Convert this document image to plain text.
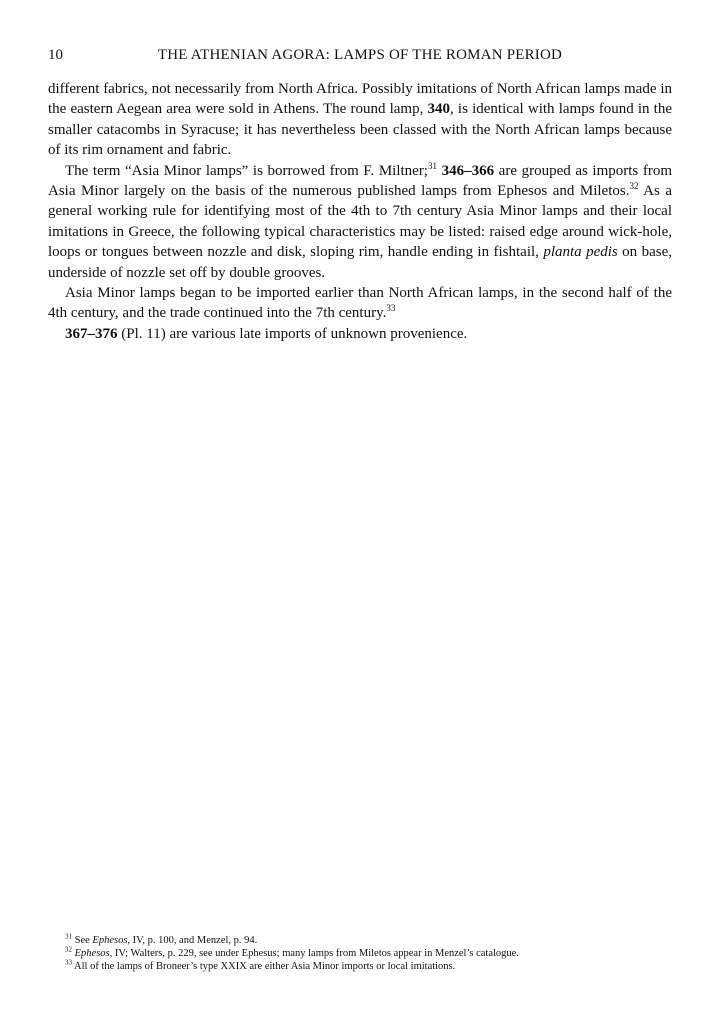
10	THE ATHENIAN AGORA: LAMPS OF THE ROMAN PERIOD

different fabrics, not necessarily from North Africa. Possibly imitations of North African lamps made in the eastern Aegean area were sold in Athens. The round lamp, 340, is identical with lamps found in the smaller catacombs in Syracuse; it has nevertheless been classed with the North African lamps because of its rim ornament and fabric.

The term “Asia Minor lamps” is borrowed from F. Miltner;$^{31}$ 346–366 are grouped as imports from Asia Minor largely on the basis of the numerous published lamps from Ephesos and Miletos.$^{32}$ As a general working rule for identifying most of the 4th to 7th century Asia Minor lamps and their local imitations in Greece, the following typical characteristics may be listed: raised edge around wick-hole, loops or tongues between nozzle and disk, sloping rim, handle ending in fishtail, planta pedis on base, underside of nozzle set off by double grooves.

Asia Minor lamps began to be imported earlier than North African lamps, in the second half of the 4th century, and the trade continued into the 7th century.$^{33}$

367–376 (Pl. 11) are various late imports of unknown provenience.

$^{31}$ See Ephesos, IV, p. 100, and Menzel, p. 94.

$^{32}$ Ephesos, IV; Walters, p. 229, see under Ephesus; many lamps from Miletos appear in Menzel’s catalogue.

$^{33}$ All of the lamps of Broneer’s type XXIX are either Asia Minor imports or local imitations.
